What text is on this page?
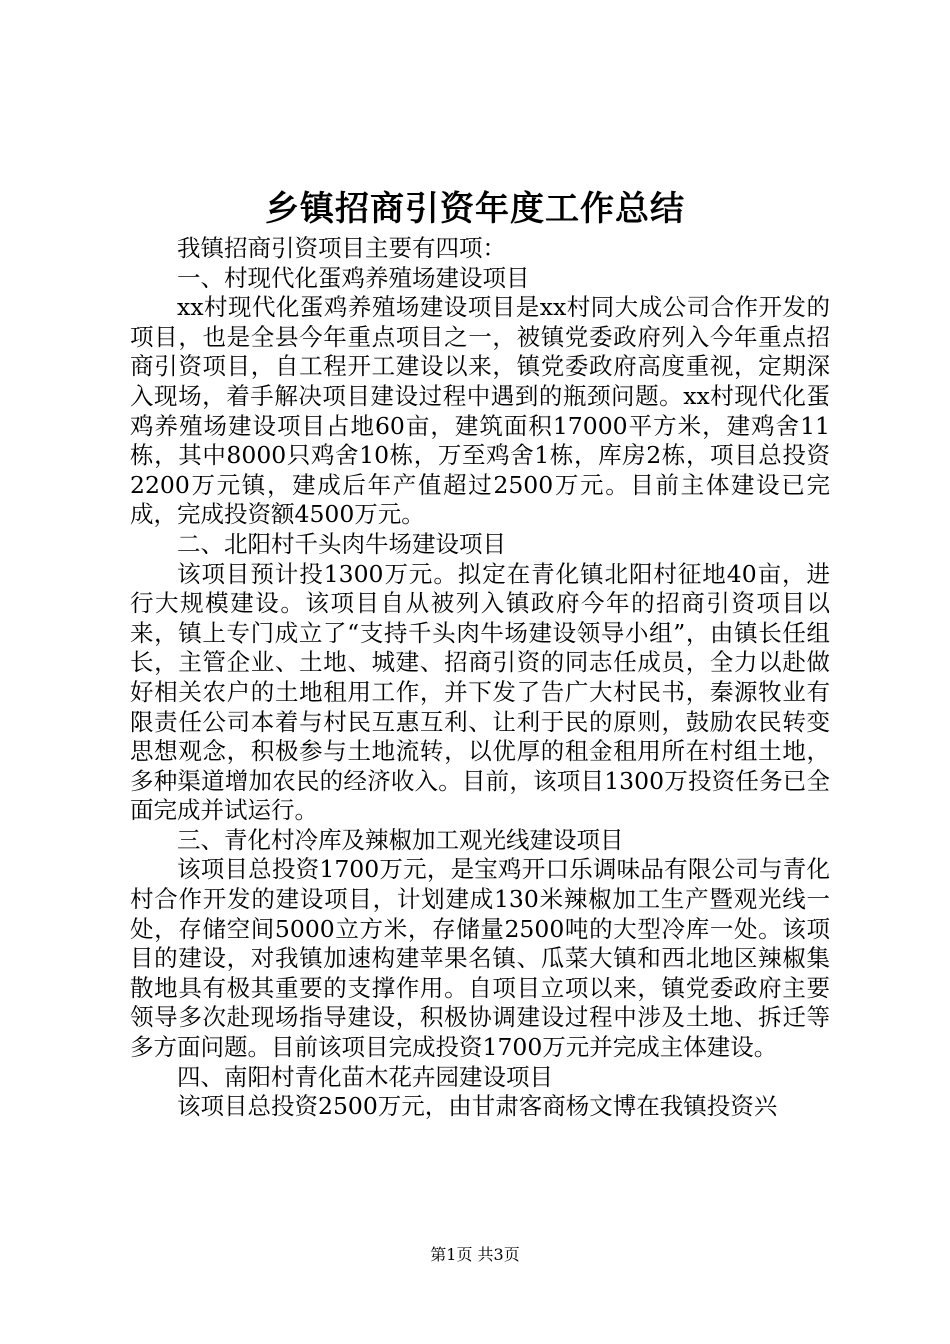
乡镇招商引资年度工作总结

我镇招商引资项目主要有四项：

一、村现代化蛋鸡养殖场建设项目

xx村现代化蛋鸡养殖场建设项目是xx村同大成公司合作开发的项目，也是全县今年重点项目之一，被镇党委政府列入今年重点招商引资项目，自工程开工建设以来，镇党委政府高度重视，定期深入现场，着手解决项目建设过程中遇到的瓶颈问题。xx村现代化蛋鸡养殖场建设项目占地60亩，建筑面积17000平方米，建鸡舍11栋，其中8000只鸡舍10栋，万至鸡舍1栋，库房2栋，项目总投资2200万元镇，建成后年产值超过2500万元。目前主体建设已完成，完成投资额4500万元。

二、北阳村千头肉牛场建设项目

该项目预计投1300万元。拟定在青化镇北阳村征地40亩，进行大规模建设。该项目自从被列入镇政府今年的招商引资项目以来，镇上专门成立了“支持千头肉牛场建设领导小组”，由镇长任组长，主管企业、土地、城建、招商引资的同志任成员，全力以赴做好相关农户的土地租用工作，并下发了告广大村民书，秦源牧业有限责任公司本着与村民互惠互利、让利于民的原则，鼓励农民转变思想观念，积极参与土地流转，以优厚的租金租用所在村组土地，多种渠道增加农民的经济收入。目前，该项目1300万投资任务已全面完成并试运行。

三、青化村冷库及辣椒加工观光线建设项目

该项目总投资1700万元，是宝鸡开口乐调味品有限公司与青化村合作开发的建设项目，计划建成130米辣椒加工生产暨观光线一处，存储空间5000立方米，存储量2500吨的大型冷库一处。该项目的建设，对我镇加速构建苹果名镇、瓜菜大镇和西北地区辣椒集散地具有极其重要的支撑作用。自项目立项以来，镇党委政府主要领导多次赴现场指导建设，积极协调建设过程中涉及土地、拆迁等多方面问题。目前该项目完成投资1700万元并完成主体建设。

四、南阳村青化苗木花卉园建设项目

该项目总投资2500万元，由甘肃客商杨文博在我镇投资兴

第1页 共3页
